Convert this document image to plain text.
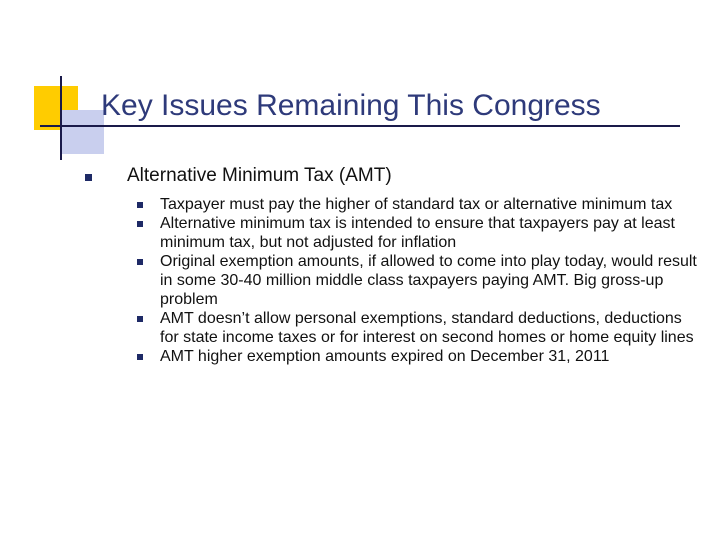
Key Issues Remaining This Congress
Alternative Minimum Tax (AMT)
Taxpayer must pay the higher of standard tax or alternative minimum tax
Alternative minimum tax is intended to ensure that taxpayers pay at least minimum tax, but not adjusted for inflation
Original exemption amounts, if allowed to come into play today, would result in some 30-40 million middle class taxpayers paying AMT. Big gross-up problem
AMT doesn’t allow personal exemptions, standard deductions, deductions for state income taxes or for interest on second homes or home equity lines
AMT higher exemption amounts expired on December 31, 2011
